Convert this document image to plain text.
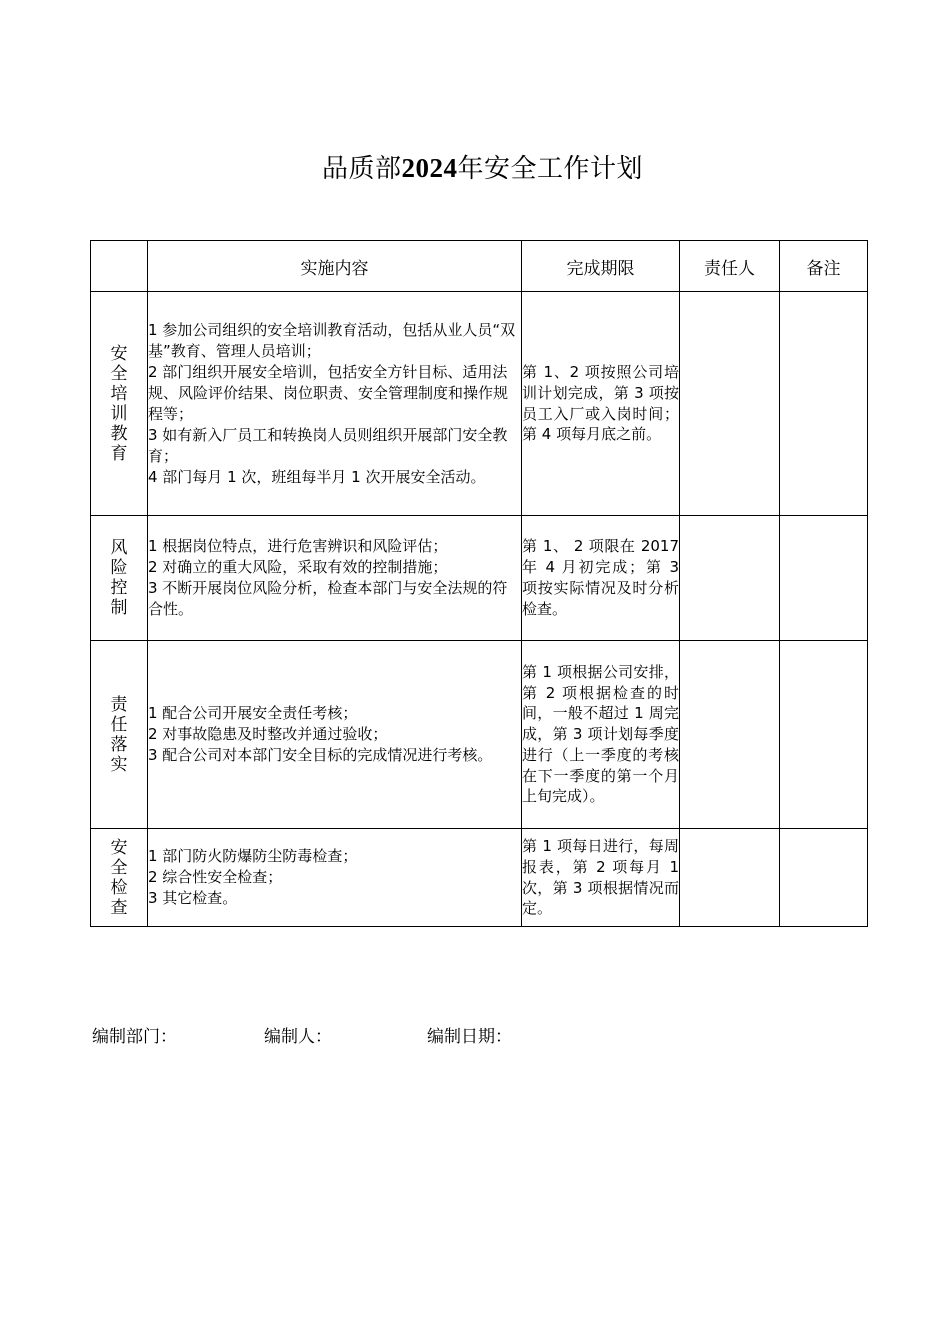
品质部2024年安全工作计划
	实施内容	完成期限	责任人	备注
安全培训教育	1 参加公司组织的安全培训教育活动，包括从业人员“双基”教育、管理人员培训；
2 部门组织开展安全培训，包括安全方针目标、适用法规、风险评价结果、岗位职责、安全管理制度和操作规程等；
3 如有新入厂员工和转换岗人员则组织开展部门安全教育；
4 部门每月 1 次，班组每半月 1 次开展安全活动。	第 1、2 项按照公司培训计划完成，第 3 项按员工入厂或入岗时间；第 4 项每月底之前。		
风险控制	1 根据岗位特点，进行危害辨识和风险评估；
2 对确立的重大风险，采取有效的控制措施；
3 不断开展岗位风险分析，检查本部门与安全法规的符合性。	第 1、 2 项限在 2017 年 4 月初完成；第 3 项按实际情况及时分析检查。		
责任落实	1 配合公司开展安全责任考核；
2 对事故隐患及时整改并通过验收；
3 配合公司对本部门安全目标的完成情况进行考核。	第 1 项根据公司安排，第 2 项根据检查的时间，一般不超过 1 周完成，第 3 项计划每季度进行（上一季度的考核在下一季度的第一个月上旬完成）。		
安全检查	1 部门防火防爆防尘防毒检查；
2 综合性安全检查；
3 其它检查。	第 1 项每日进行，每周报表，第 2 项每月 1 次，第 3 项根据情况而定。		
编制部门：	编制人：	编制日期：
